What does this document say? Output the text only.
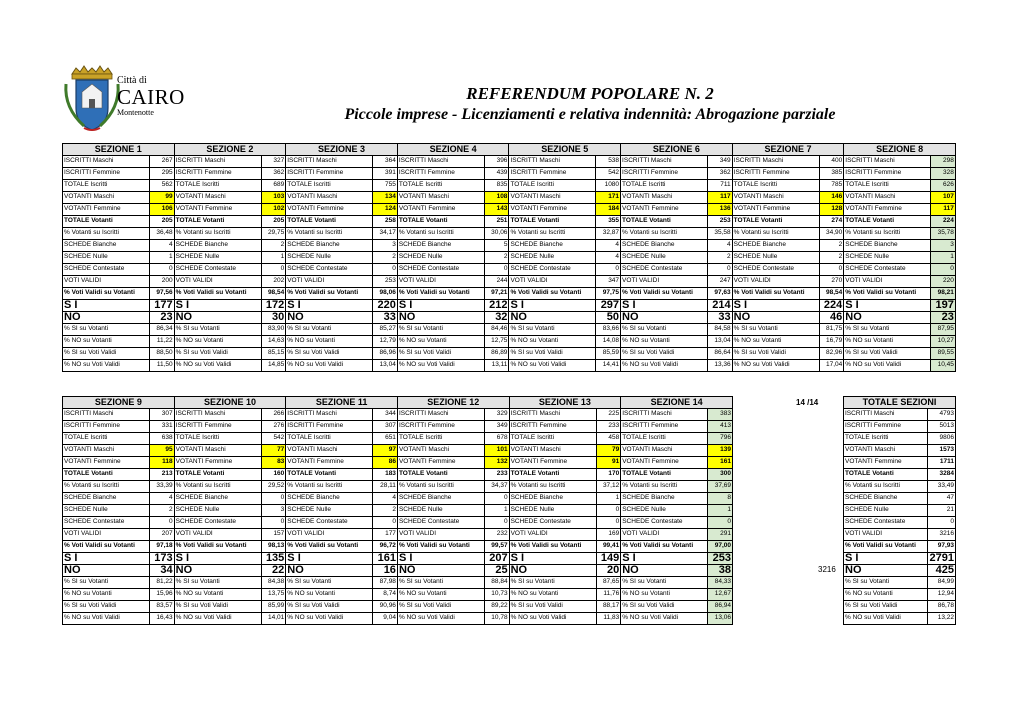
Città di
CAIRO
Montenotte
REFERENDUM POPOLARE N. 2
Piccole imprese - Licenziamenti e relativa indennità: Abrogazione parziale
SEZIONE 1		SEZIONE 2		SEZIONE 3		SEZIONE 4		SEZIONE 5		SEZIONE 6		SEZIONE 7		SEZIONE 8	
ISCRITTI Maschi	267	ISCRITTI Maschi	327	ISCRITTI Maschi	364	ISCRITTI Maschi	396	ISCRITTI Maschi	538	ISCRITTI Maschi	349	ISCRITTI Maschi	400	ISCRITTI Maschi	298
ISCRITTI Femmine	295	ISCRITTI Femmine	362	ISCRITTI Femmine	391	ISCRITTI Femmine	439	ISCRITTI Femmine	542	ISCRITTI Femmine	362	ISCRITTI Femmine	385	ISCRITTI Femmine	328
TOTALE Iscritti	562	TOTALE Iscritti	689	TOTALE Iscritti	755	TOTALE Iscritti	835	TOTALE Iscritti	1080	TOTALE Iscritti	711	TOTALE Iscritti	785	TOTALE Iscritti	626
VOTANTI Maschi	99	VOTANTI Maschi	103	VOTANTI Maschi	134	VOTANTI Maschi	108	VOTANTI Maschi	171	VOTANTI Maschi	117	VOTANTI Maschi	146	VOTANTI Maschi	107
VOTANTI Femmine	106	VOTANTI Femmine	102	VOTANTI Femmine	124	VOTANTI Femmine	143	VOTANTI Femmine	184	VOTANTI Femmine	136	VOTANTI Femmine	128	VOTANTI Femmine	117
TOTALE Votanti	205	TOTALE Votanti	205	TOTALE Votanti	258	TOTALE Votanti	251	TOTALE Votanti	355	TOTALE Votanti	253	TOTALE Votanti	274	TOTALE Votanti	224
% Votanti su Iscritti	36,48	% Votanti su Iscritti	29,75	% Votanti su Iscritti	34,17	% Votanti su Iscritti	30,06	% Votanti su Iscritti	32,87	% Votanti su Iscritti	35,58	% Votanti su Iscritti	34,90	% Votanti su Iscritti	35,78
SCHEDE Bianche	4	SCHEDE Bianche	2	SCHEDE Bianche	3	SCHEDE Bianche	5	SCHEDE Bianche	4	SCHEDE Bianche	4	SCHEDE Bianche	2	SCHEDE Bianche	3
SCHEDE Nulle	1	SCHEDE Nulle	1	SCHEDE Nulle	2	SCHEDE Nulle	2	SCHEDE Nulle	4	SCHEDE Nulle	2	SCHEDE Nulle	2	SCHEDE Nulle	1
SCHEDE Contestate	0	SCHEDE Contestate	0	SCHEDE Contestate	0	SCHEDE Contestate	0	SCHEDE Contestate	0	SCHEDE Contestate	0	SCHEDE Contestate	0	SCHEDE Contestate	0
VOTI VALIDI	200	VOTI VALIDI	202	VOTI VALIDI	253	VOTI VALIDI	244	VOTI VALIDI	347	VOTI VALIDI	247	VOTI VALIDI	270	VOTI VALIDI	220
% Voti Validi su Votanti	97,56	% Voti Validi su Votanti	98,54	% Voti Validi su Votanti	98,06	% Voti Validi su Votanti	97,21	% Voti Validi su Votanti	97,75	% Voti Validi su Votanti	97,63	% Voti Validi su Votanti	98,54	% Voti Validi su Votanti	98,21
S I	177	S I	172	S I	220	S I	212	S I	297	S I	214	S I	224	S I	197
NO	23	NO	30	NO	33	NO	32	NO	50	NO	33	NO	46	NO	23
% SI su Votanti	86,34	% SI su Votanti	83,90	% SI su Votanti	85,27	% SI su Votanti	84,46	% SI su Votanti	83,66	% SI su Votanti	84,58	% SI su Votanti	81,75	% SI su Votanti	87,95
% NO su Votanti	11,22	% NO su Votanti	14,63	% NO su Votanti	12,79	% NO su Votanti	12,75	% NO su Votanti	14,08	% NO su Votanti	13,04	% NO su Votanti	16,79	% NO su Votanti	10,27
% SI su Voti Validi	88,50	% SI su Voti Validi	85,15	% SI su Voti Validi	86,96	% SI su Voti Validi	86,89	% SI su Voti Validi	85,59	% SI su Voti Validi	86,64	% SI su Voti Validi	82,96	% SI su Voti Validi	89,55
% NO su Voti Validi	11,50	% NO su Voti Validi	14,85	% NO su Voti Validi	13,04	% NO su Voti Validi	13,11	% NO su Voti Validi	14,41	% NO su Voti Validi	13,36	% NO su Voti Validi	17,04	% NO su Voti Validi	10,45
SEZIONE 9		SEZIONE 10		SEZIONE 11		SEZIONE 12		SEZIONE 13		SEZIONE 14	
ISCRITTI Maschi	307	ISCRITTI Maschi	266	ISCRITTI Maschi	344	ISCRITTI Maschi	329	ISCRITTI Maschi	225	ISCRITTI Maschi	383
ISCRITTI Femmine	331	ISCRITTI Femmine	276	ISCRITTI Femmine	307	ISCRITTI Femmine	349	ISCRITTI Femmine	233	ISCRITTI Femmine	413
TOTALE Iscritti	638	TOTALE Iscritti	542	TOTALE Iscritti	651	TOTALE Iscritti	678	TOTALE Iscritti	458	TOTALE Iscritti	796
VOTANTI Maschi	95	VOTANTI Maschi	77	VOTANTI Maschi	97	VOTANTI Maschi	101	VOTANTI Maschi	79	VOTANTI Maschi	139
VOTANTI Femmine	118	VOTANTI Femmine	83	VOTANTI Femmine	86	VOTANTI Femmine	132	VOTANTI Femmine	91	VOTANTI Femmine	161
TOTALE Votanti	213	TOTALE Votanti	160	TOTALE Votanti	183	TOTALE Votanti	233	TOTALE Votanti	170	TOTALE Votanti	300
% Votanti su Iscritti	33,39	% Votanti su Iscritti	29,52	% Votanti su Iscritti	28,11	% Votanti su Iscritti	34,37	% Votanti su Iscritti	37,12	% Votanti su Iscritti	37,69
SCHEDE Bianche	4	SCHEDE Bianche	0	SCHEDE Bianche	4	SCHEDE Bianche	0	SCHEDE Bianche	1	SCHEDE Bianche	8
SCHEDE Nulle	2	SCHEDE Nulle	3	SCHEDE Nulle	2	SCHEDE Nulle	1	SCHEDE Nulle	0	SCHEDE Nulle	1
SCHEDE Contestate	0	SCHEDE Contestate	0	SCHEDE Contestate	0	SCHEDE Contestate	0	SCHEDE Contestate	0	SCHEDE Contestate	0
VOTI VALIDI	207	VOTI VALIDI	157	VOTI VALIDI	177	VOTI VALIDI	232	VOTI VALIDI	169	VOTI VALIDI	291
% Voti Validi su Votanti	97,18	% Voti Validi su Votanti	98,13	% Voti Validi su Votanti	96,72	% Voti Validi su Votanti	99,57	% Voti Validi su Votanti	99,41	% Voti Validi su Votanti	97,00
S I	173	S I	135	S I	161	S I	207	S I	149	S I	253
NO	34	NO	22	NO	16	NO	25	NO	20	NO	38
% SI su Votanti	81,22	% SI su Votanti	84,38	% SI su Votanti	87,98	% SI su Votanti	88,84	% SI su Votanti	87,65	% SI su Votanti	84,33
% NO su Votanti	15,96	% NO su Votanti	13,75	% NO su Votanti	8,74	% NO su Votanti	10,73	% NO su Votanti	11,76	% NO su Votanti	12,67
% SI su Voti Validi	83,57	% SI su Voti Validi	85,99	% SI su Voti Validi	90,96	% SI su Voti Validi	89,22	% SI su Voti Validi	88,17	% SI su Voti Validi	86,94
% NO su Voti Validi	16,43	% NO su Voti Validi	14,01	% NO su Voti Validi	9,04	% NO su Voti Validi	10,78	% NO su Voti Validi	11,83	% NO su Voti Validi	13,06
TOTALE SEZIONI	
ISCRITTI Maschi	4793
ISCRITTI Femmine	5013
TOTALE Iscritti	9806
VOTANTI Maschi	1573
VOTANTI Femmine	1711
TOTALE Votanti	3284
% Votanti su Iscritti	33,49
SCHEDE Bianche	47
SCHEDE Nulle	21
SCHEDE Contestate	0
VOTI VALIDI	3216
% Voti Validi su Votanti	97,93
S I	2791
NO	425
% SI su Votanti	84,99
% NO su Votanti	12,94
% SI su Voti Validi	86,78
% NO su Voti Validi	13,22
14 /14
3216
